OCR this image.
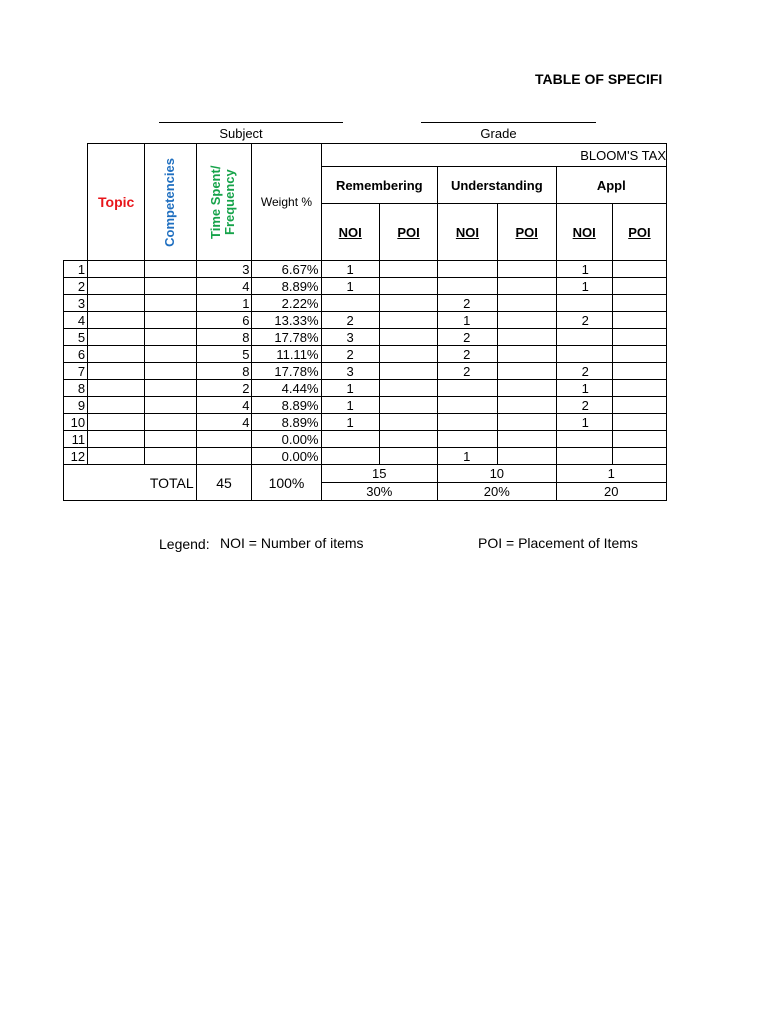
TABLE OF SPECIFI
Subject	Grade
	Topic	Competencies	Time Spent/ Frequency	Weight %	BLOOM'S TAX					
					Remembering		Understanding		Appl	
					NOI	POI	NOI	POI	NOI	POI
1			3	6.67%	1				1	
2			4	8.89%	1				1	
3			1	2.22%			2			
4			6	13.33%	2		1		2	
5			8	17.78%	3		2			
6			5	11.11%	2		2			
7			8	17.78%	3		2		2	
8			2	4.44%	1				1	
9			4	8.89%	1				2	
10			4	8.89%	1				1	
11				0.00%						
12				0.00%			1			
TOTAL			45	100%	15		10		1	
					30%		20%		20	
Legend: NOI = Number of items	POI = Placement of Items
